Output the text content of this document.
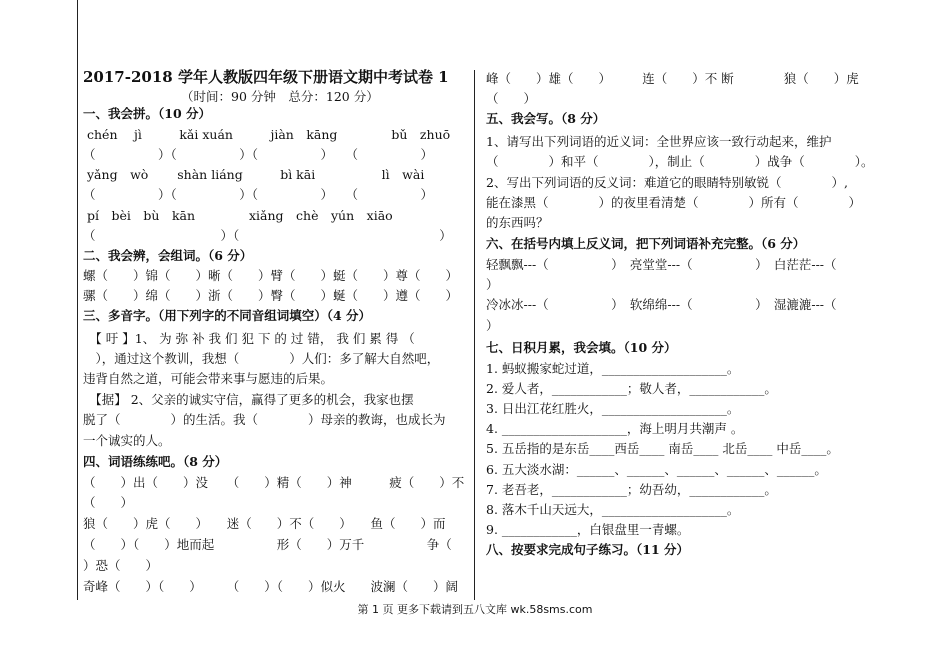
2017-2018 学年人教版四年级下册语文期中考试卷 1
（时间：90 分钟　总分：120 分）
一、我会拼。（10 分）
chén　 jì　　　kǎi xuán　　　jiàn　kāng　　　　 bǔ　zhuō
（　　　　　）（　　　　　）（　　　　　）　　（　　　　　）
yǎng　wò　　 shàn liáng　　　bì kāi　　　　　 lì　wài
（　　　　　）（　　　　　）（　　　　　）　　（　　　　　）
pí　bèi　bù　kān　　　　 xiǎng　chè　yún　xiāo
（　　　　　　　　　　）（　　　　　　　　　　　　　　　　）
二、我会辨，会组词。（6 分）
螺（　　）锦（　　）晰（　　）臂（　　）蜓（　　）尊（　　）
骡（　　）绵（　　）浙（　　）臀（　　）蜒（　　）遵（　　）
三、多音字。（用下列字的不同音组词填空）（4 分）
　【 吁 】1、 为 弥 补 我 们 犯 下 的 过 错， 我 们 累 得 （
　），通过这个教训，我想（　　　　）人们：多了解大自然吧，
违背自然之道，可能会带来事与愿违的后果。
　【据】 2、父亲的诚实守信，赢得了更多的机会，我家也摆
脱了（　　　　）的生活。我（　　　　）母亲的教诲，也成长为
一个诚实的人。
四、词语练练吧。（8 分）
（　　）出（　　）没　　（　　）精（　　）神　　　疲（　　）不
（　　）
狼（　　）虎（　　）　　迷（　　）不（　　）　　鱼（　　）而
（　　）（　　）地而起　　　　　形（　　）万千　　　　　争（
）恐（　　）
奇峰（　　）（　　）　　　（　　）（　　）似火　　波澜（　　）阔
峰（　　）雄（　　）　　　连（　　）不 断　　　　狼（　　）虎
（　　）
五、我会写。（8 分）
1、请写出下列词语的近义词：全世界应该一致行动起来，维护
（　　　　）和平（　　　　），制止（　　　　）战争（　　　　）。
2、写出下列词语的反义词：难道它的眼睛特别敏锐（　　　　）,
能在漆黑（　　　　）的夜里看清楚（　　　　）所有（　　　　）
的东西吗？
六、在括号内填上反义词，把下列词语补充完整。（6 分）
轻飘飘---（　　　　　）　亮堂堂---（　　　　　）　白茫茫---（
）
冷冰冰---（　　　　　）　软绵绵---（　　　　　）　湿漉漉---（
）
七、日积月累，我会填。（10 分）
1. 蚂蚁搬家蛇过道，____________________。
2. 爱人者，____________；敬人者，____________。
3. 日出江花红胜火，____________________。
4. ____________________，海上明月共潮声 。
5. 五岳指的是东岳____西岳____ 南岳____ 北岳____ 中岳____。
6. 五大淡水湖：______、______、______、______、______。
7. 老吾老，____________；幼吾幼，____________。
8. 落木千山天远大，____________________。
9. ____________，白银盘里一青螺。
八、按要求完成句子练习。（11 分）
第 1 页 更多下载请到五八文库 wk.58sms.com
